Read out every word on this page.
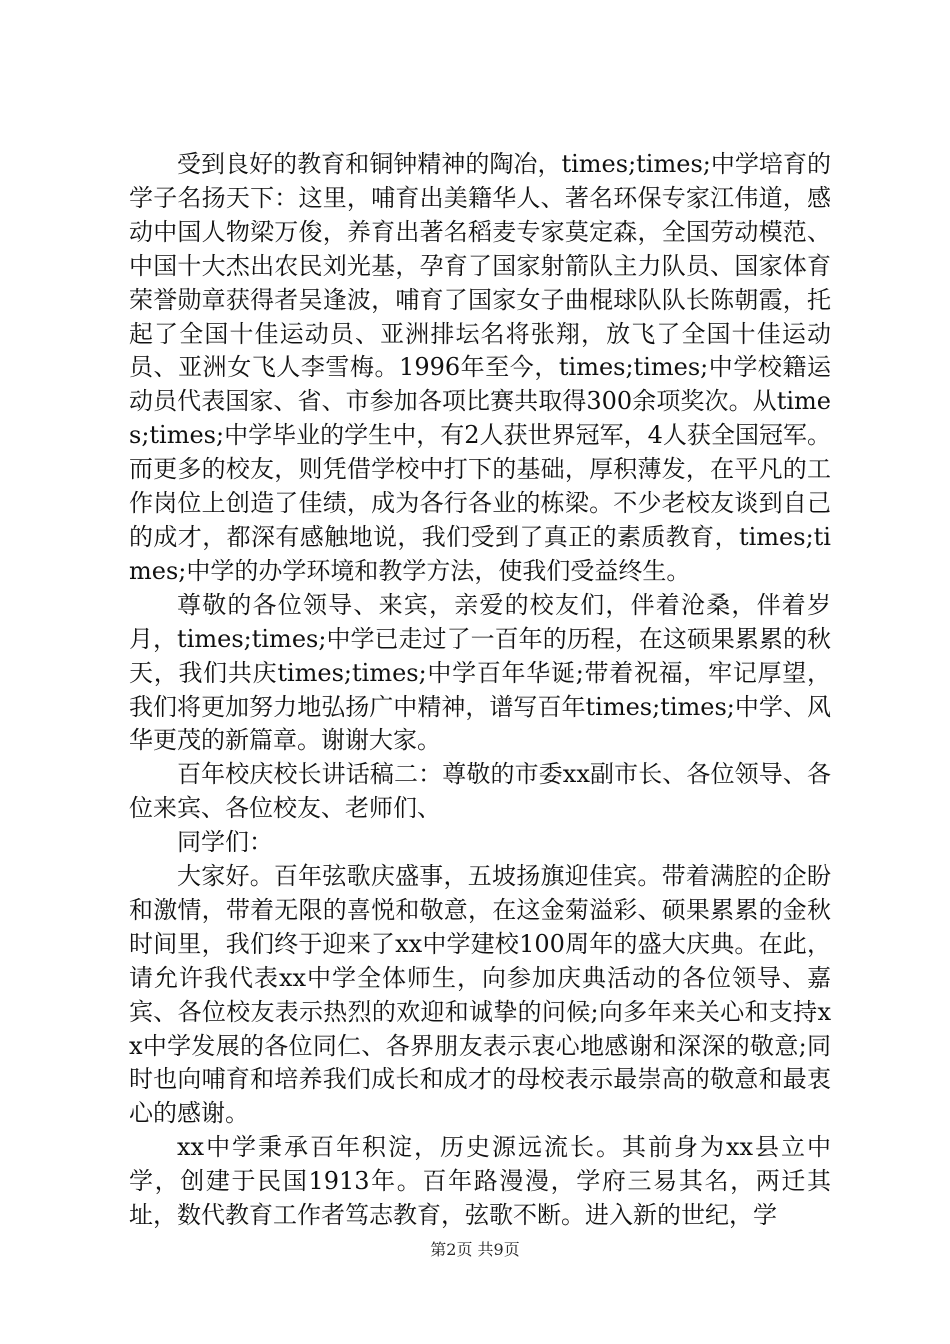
受到良好的教育和铜钟精神的陶冶，times;times;中学培育的学子名扬天下：这里，哺育出美籍华人、著名环保专家江伟道，感动中国人物梁万俊，养育出著名稻麦专家莫定森，全国劳动模范、中国十大杰出农民刘光基，孕育了国家射箭队主力队员、国家体育荣誉勋章获得者吴逢波，哺育了国家女子曲棍球队队长陈朝霞，托起了全国十佳运动员、亚洲排坛名将张翔，放飞了全国十佳运动员、亚洲女飞人李雪梅。1996年至今，times;times;中学校籍运动员代表国家、省、市参加各项比赛共取得300余项奖次。从times;times;中学毕业的学生中，有2人获世界冠军，4人获全国冠军。而更多的校友，则凭借学校中打下的基础，厚积薄发，在平凡的工作岗位上创造了佳绩，成为各行各业的栋梁。不少老校友谈到自己的成才，都深有感触地说，我们受到了真正的素质教育，times;times;中学的办学环境和教学方法，使我们受益终生。

尊敬的各位领导、来宾，亲爱的校友们，伴着沧桑，伴着岁月，times;times;中学已走过了一百年的历程，在这硕果累累的秋天，我们共庆times;times;中学百年华诞;带着祝福，牢记厚望，我们将更加努力地弘扬广中精神，谱写百年times;times;中学、风华更茂的新篇章。谢谢大家。

百年校庆校长讲话稿二：尊敬的市委xx副市长、各位领导、各位来宾、各位校友、老师们、

同学们：

大家好。百年弦歌庆盛事，五坡扬旗迎佳宾。带着满腔的企盼和激情，带着无限的喜悦和敬意，在这金菊溢彩、硕果累累的金秋时间里，我们终于迎来了xx中学建校100周年的盛大庆典。在此，请允许我代表xx中学全体师生，向参加庆典活动的各位领导、嘉宾、各位校友表示热烈的欢迎和诚挚的问候;向多年来关心和支持xx中学发展的各位同仁、各界朋友表示衷心地感谢和深深的敬意;同时也向哺育和培养我们成长和成才的母校表示最崇高的敬意和最衷心的感谢。

xx中学秉承百年积淀，历史源远流长。其前身为xx县立中学，创建于民国1913年。百年路漫漫，学府三易其名，两迁其址，数代教育工作者笃志教育，弦歌不断。进入新的世纪，学

第2页 共9页
